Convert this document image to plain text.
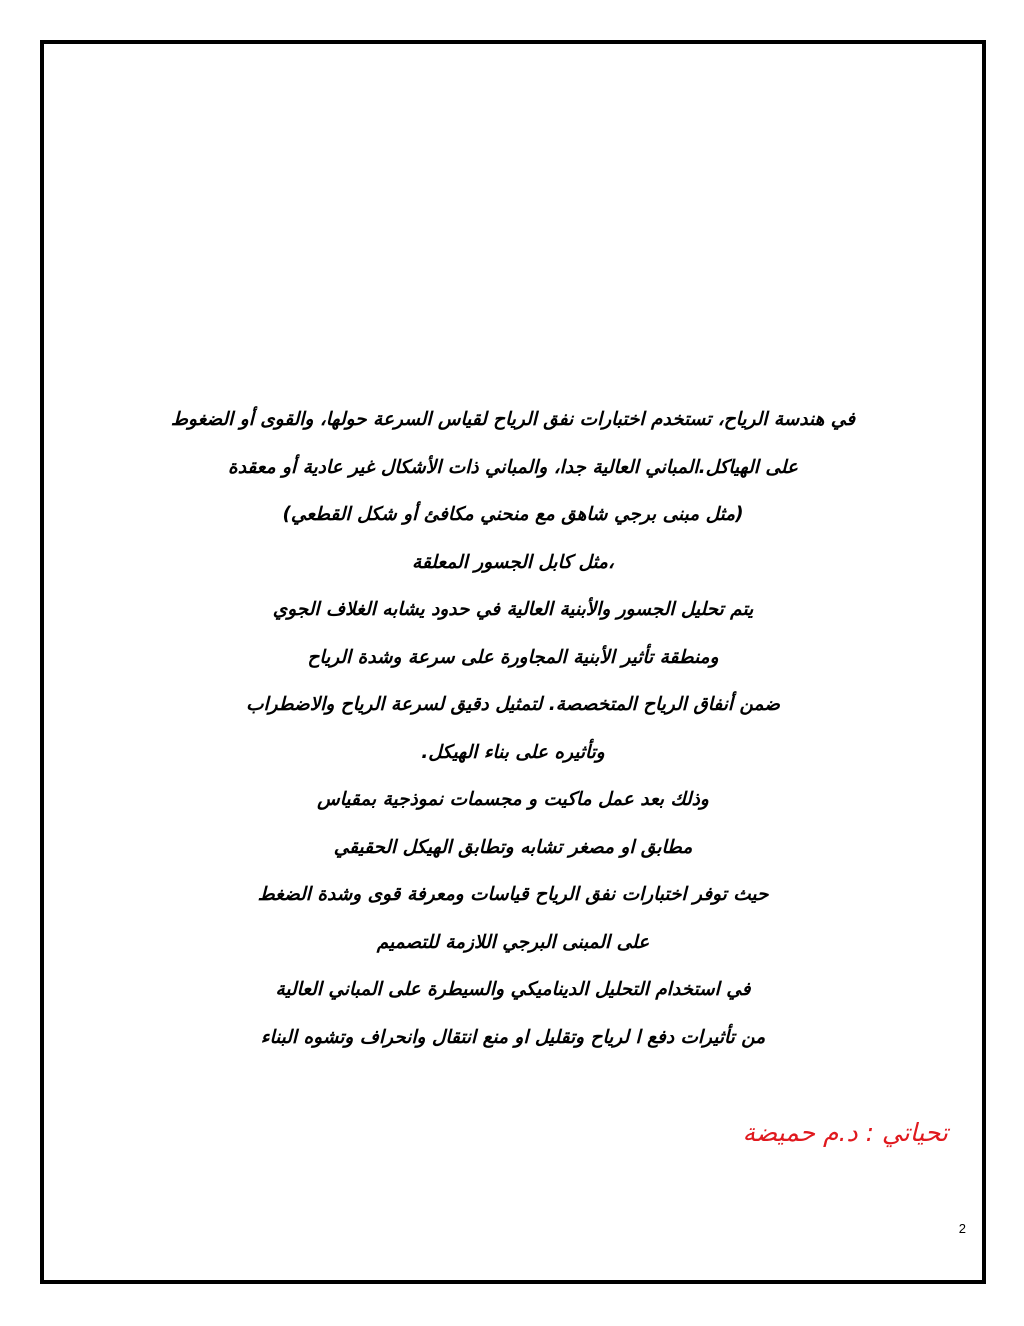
في هندسة الرياح، تستخدم اختبارات نفق الرياح لقياس السرعة حولها، والقوى أو الضغوط
على الهياكل.المباني العالية جدا، والمباني ذات الأشكال غير عادية أو معقدة
(مثل مبنى برجي شاهق مع منحني مكافئ أو شكل القطعي)
،مثل كابل الجسور المعلقة
يتم تحليل الجسور والأبنية العالية في حدود يشابه الغلاف الجوي
ومنطقة تأثير الأبنية المجاورة على سرعة وشدة الرياح
ضمن أنفاق الرياح المتخصصة. لتمثيل دقيق لسرعة الرياح والاضطراب
وتأثيره على بناء الهيكل.
وذلك بعد عمل ماكيت و مجسمات نموذجية بمقياس
مطابق او مصغر تشابه وتطابق الهيكل الحقيقي
حيث توفر اختبارات نفق الرياح قياسات ومعرفة قوى وشدة الضغط
على المبنى البرجي اللازمة للتصميم
في استخدام التحليل الديناميكي والسيطرة على المباني العالية
من تأثيرات دفع ا لرياح وتقليل او منع انتقال وانحراف وتشوه البناء
تحياتي : د.م حميضة
2
